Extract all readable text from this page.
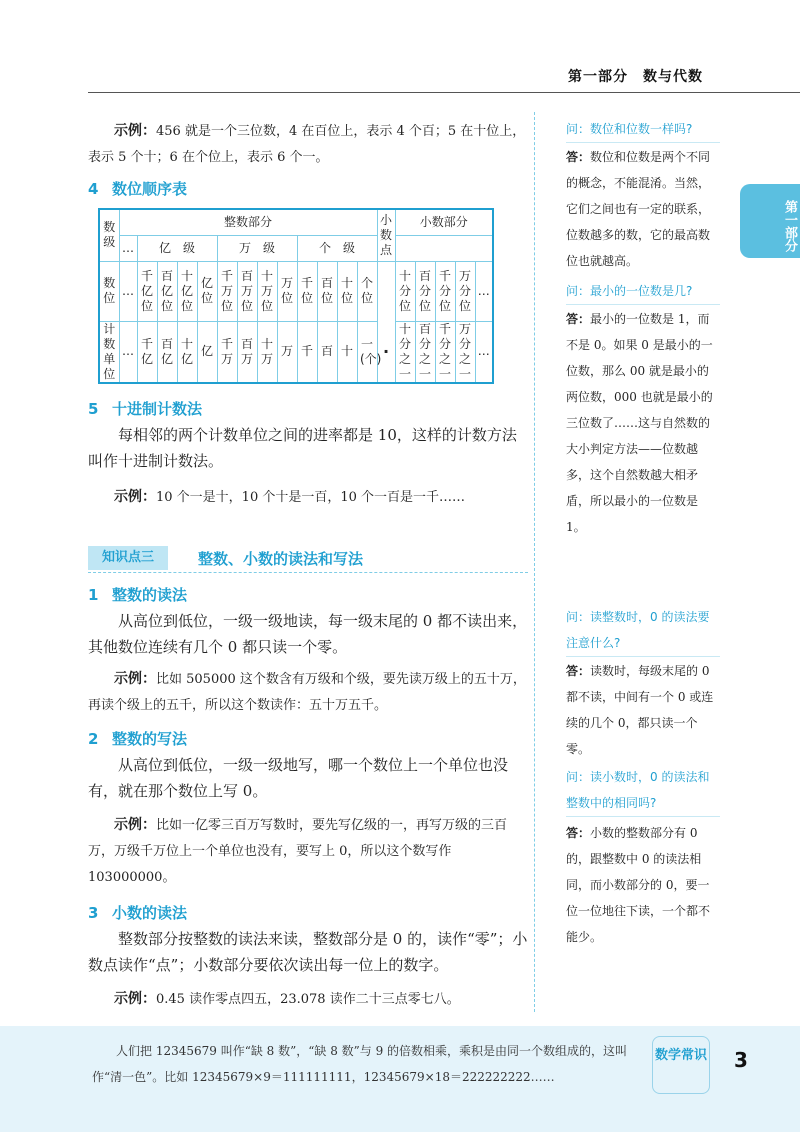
第一部分　数与代数
第一部分
示例：456 就是一个三位数，4 在百位上，表示 4 个百；5 在十位上，表示 5 个十；6 在个位上，表示 6 个一。
4 数位顺序表
数级	整数部分													小数点	小数部分				
	…	亿　级				万　级				个　级									
数位	…	千亿位	百亿位	十亿位	亿位	千万位	百万位	十万位	万位	千位	百位	十位	个位		十分位	百分位	千分位	万分位	…
计数单位	…	千亿	百亿	十亿	亿	千万	百万	十万	万	千	百	十	一(个)	·	十分之一	百分之一	千分之一	万分之一	…
5 十进制计数法
每相邻的两个计数单位之间的进率都是 10，这样的计数方法叫作十进制计数法。
示例：10 个一是十，10 个十是一百，10 个一百是一千……
知识点三	整数、小数的读法和写法
1 整数的读法
从高位到低位，一级一级地读，每一级末尾的 0 都不读出来，其他数位连续有几个 0 都只读一个零。
示例：比如 505000 这个数含有万级和个级，要先读万级上的五十万，再读个级上的五千，所以这个数读作：五十万五千。
2 整数的写法
从高位到低位，一级一级地写，哪一个数位上一个单位也没有，就在那个数位上写 0。
示例：比如一亿零三百万写数时，要先写亿级的一，再写万级的三百万，万级千万位上一个单位也没有，要写上 0，所以这个数写作 103000000。
3 小数的读法
整数部分按整数的读法来读，整数部分是 0 的，读作“零”；小数点读作“点”；小数部分要依次读出每一位上的数字。
示例：0.45 读作零点四五，23.078 读作二十三点零七八。
问：数位和位数一样吗?
答：数位和位数是两个不同的概念，不能混淆。当然，它们之间也有一定的联系，位数越多的数，它的最高数位也就越高。
问：最小的一位数是几?
答：最小的一位数是 1，而不是 0。如果 0 是最小的一位数，那么 00 就是最小的两位数，000 也就是最小的三位数了……这与自然数的大小判定方法——位数越多，这个自然数越大相矛盾，所以最小的一位数是 1。
问：读整数时，0 的读法要注意什么?
答：读数时，每级末尾的 0 都不读，中间有一个 0 或连续的几个 0，都只读一个零。
问：读小数时，0 的读法和整数中的相同吗?
答：小数的整数部分有 0 的，跟整数中 0 的读法相同，而小数部分的 0，要一位一位地往下读，一个都不能少。
人们把 12345679 叫作“缺 8 数”，“缺 8 数”与 9 的倍数相乘，乘积是由同一个数组成的，这叫作“清一色”。比如 12345679×9＝111111111，12345679×18＝222222222……
数学常识 3
